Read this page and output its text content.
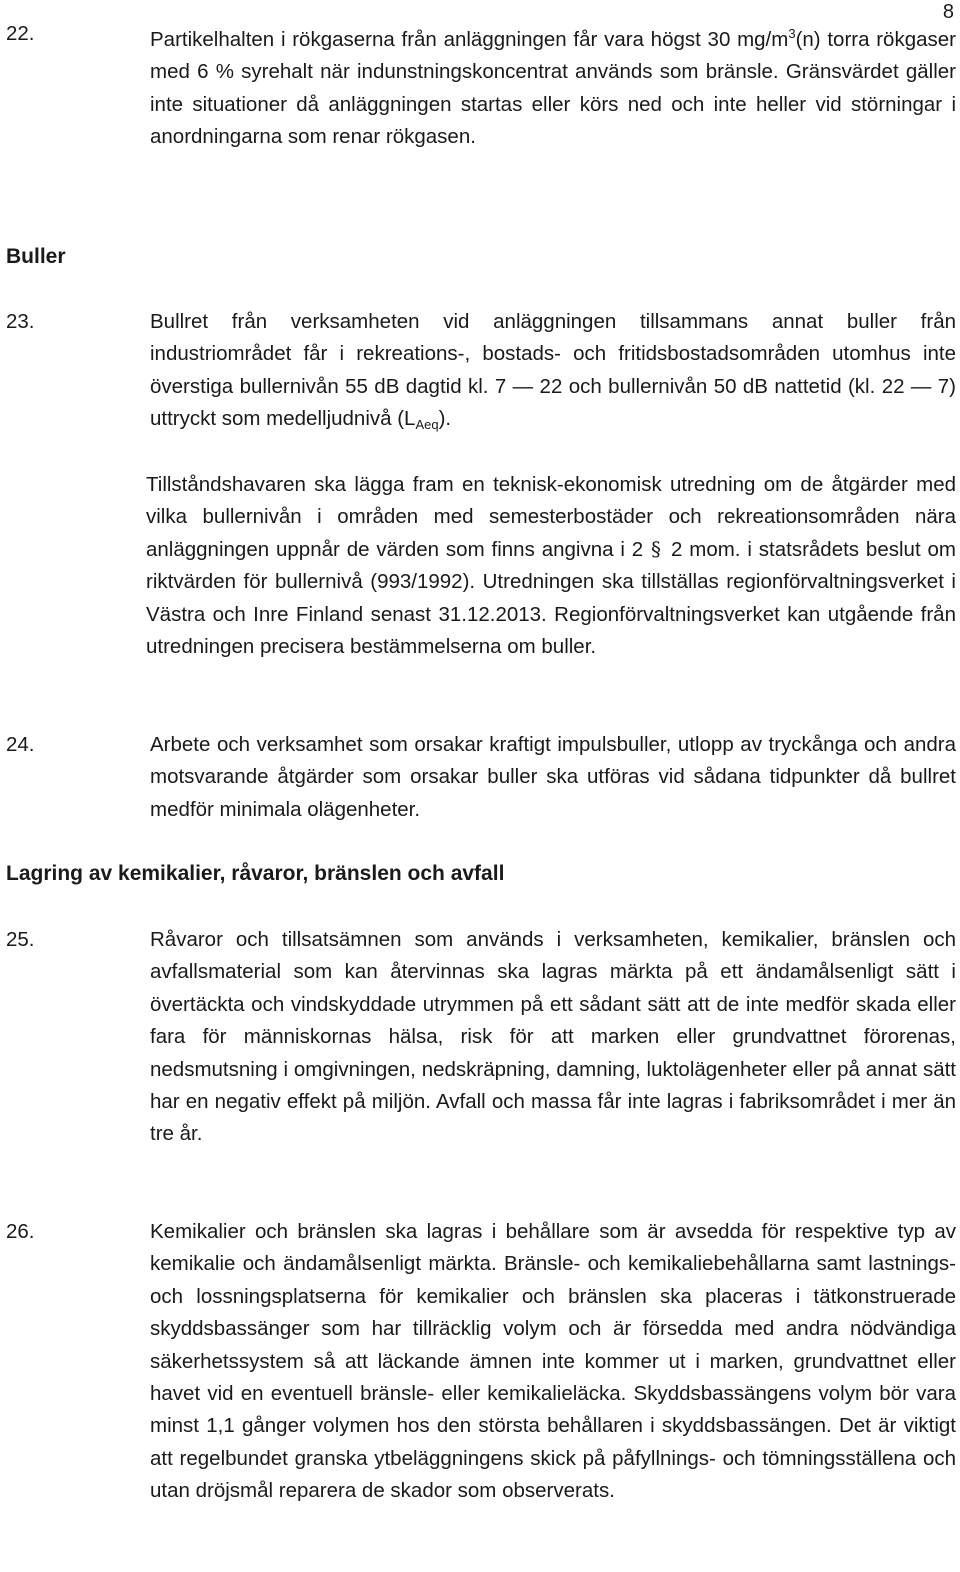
8
22.	Partikelhalten i rökgaserna från anläggningen får vara högst 30 $mg/m^3(n)$ torra rökgaser med 6 % syrehalt när indunstningskoncentrat används som bränsle. Gränsvärdet gäller inte situationer då anläggningen startas eller körs ned och inte heller vid störningar i anordningarna som renar rökgasen.

Buller
23.	Bullret från verksamheten vid anläggningen tillsammans annat buller från industriområdet får i rekreations-, bostads- och fritidsbostadsområden utomhus inte överstiga bullernivån 55 dB dagtid kl. 7 — 22 och bullernivån 50 dB nattetid (kl. 22 — 7) uttryckt som medelljudnivå $(L_{Aeq})$.

Tillståndshavaren ska lägga fram en teknisk-ekonomisk utredning om de åtgärder med vilka bullernivån i områden med semesterbostäder och rekreationsområden nära anläggningen uppnår de värden som finns angivna i 2 § 2 mom. i statsrådets beslut om riktvärden för bullernivå (993/1992). Utredningen ska tillställas regionförvaltningsverket i Västra och Inre Finland senast 31.12.2013. Regionförvaltningsverket kan utgående från utredningen precisera bestämmelserna om buller.

24.	Arbete och verksamhet som orsakar kraftigt impulsbuller, utlopp av tryckånga och andra motsvarande åtgärder som orsakar buller ska utföras vid sådana tidpunkter då bullret medför minimala olägenheter.

Lagring av kemikalier, råvaror, bränslen och avfall
25.	Råvaror och tillsatsämnen som används i verksamheten, kemikalier, bränslen och avfallsmaterial som kan återvinnas ska lagras märkta på ett ändamålsenligt sätt i övertäckta och vindskyddade utrymmen på ett sådant sätt att de inte medför skada eller fara för människornas hälsa, risk för att marken eller grundvattnet förorenas, nedsmutsning i omgivningen, nedskräpning, damning, luktolägenheter eller på annat sätt har en negativ effekt på miljön. Avfall och massa får inte lagras i fabriksområdet i mer än tre år.

26.	Kemikalier och bränslen ska lagras i behållare som är avsedda för respektive typ av kemikalie och ändamålsenligt märkta. Bränsle- och kemikaliebehållarna samt lastnings- och lossningsplatserna för kemikalier och bränslen ska placeras i tätkonstruerade skyddsbassänger som har tillräcklig volym och är försedda med andra nödvändiga säkerhetssystem så att läckande ämnen inte kommer ut i marken, grundvattnet eller havet vid en eventuell bränsle- eller kemikalieläcka. Skyddsbassängens volym bör vara minst 1,1 gånger volymen hos den största behållaren i skyddsbassängen. Det är viktigt att regelbundet granska ytbeläggningens skick på påfyllnings- och tömningsställena och utan dröjsmål reparera de skador som observerats.
